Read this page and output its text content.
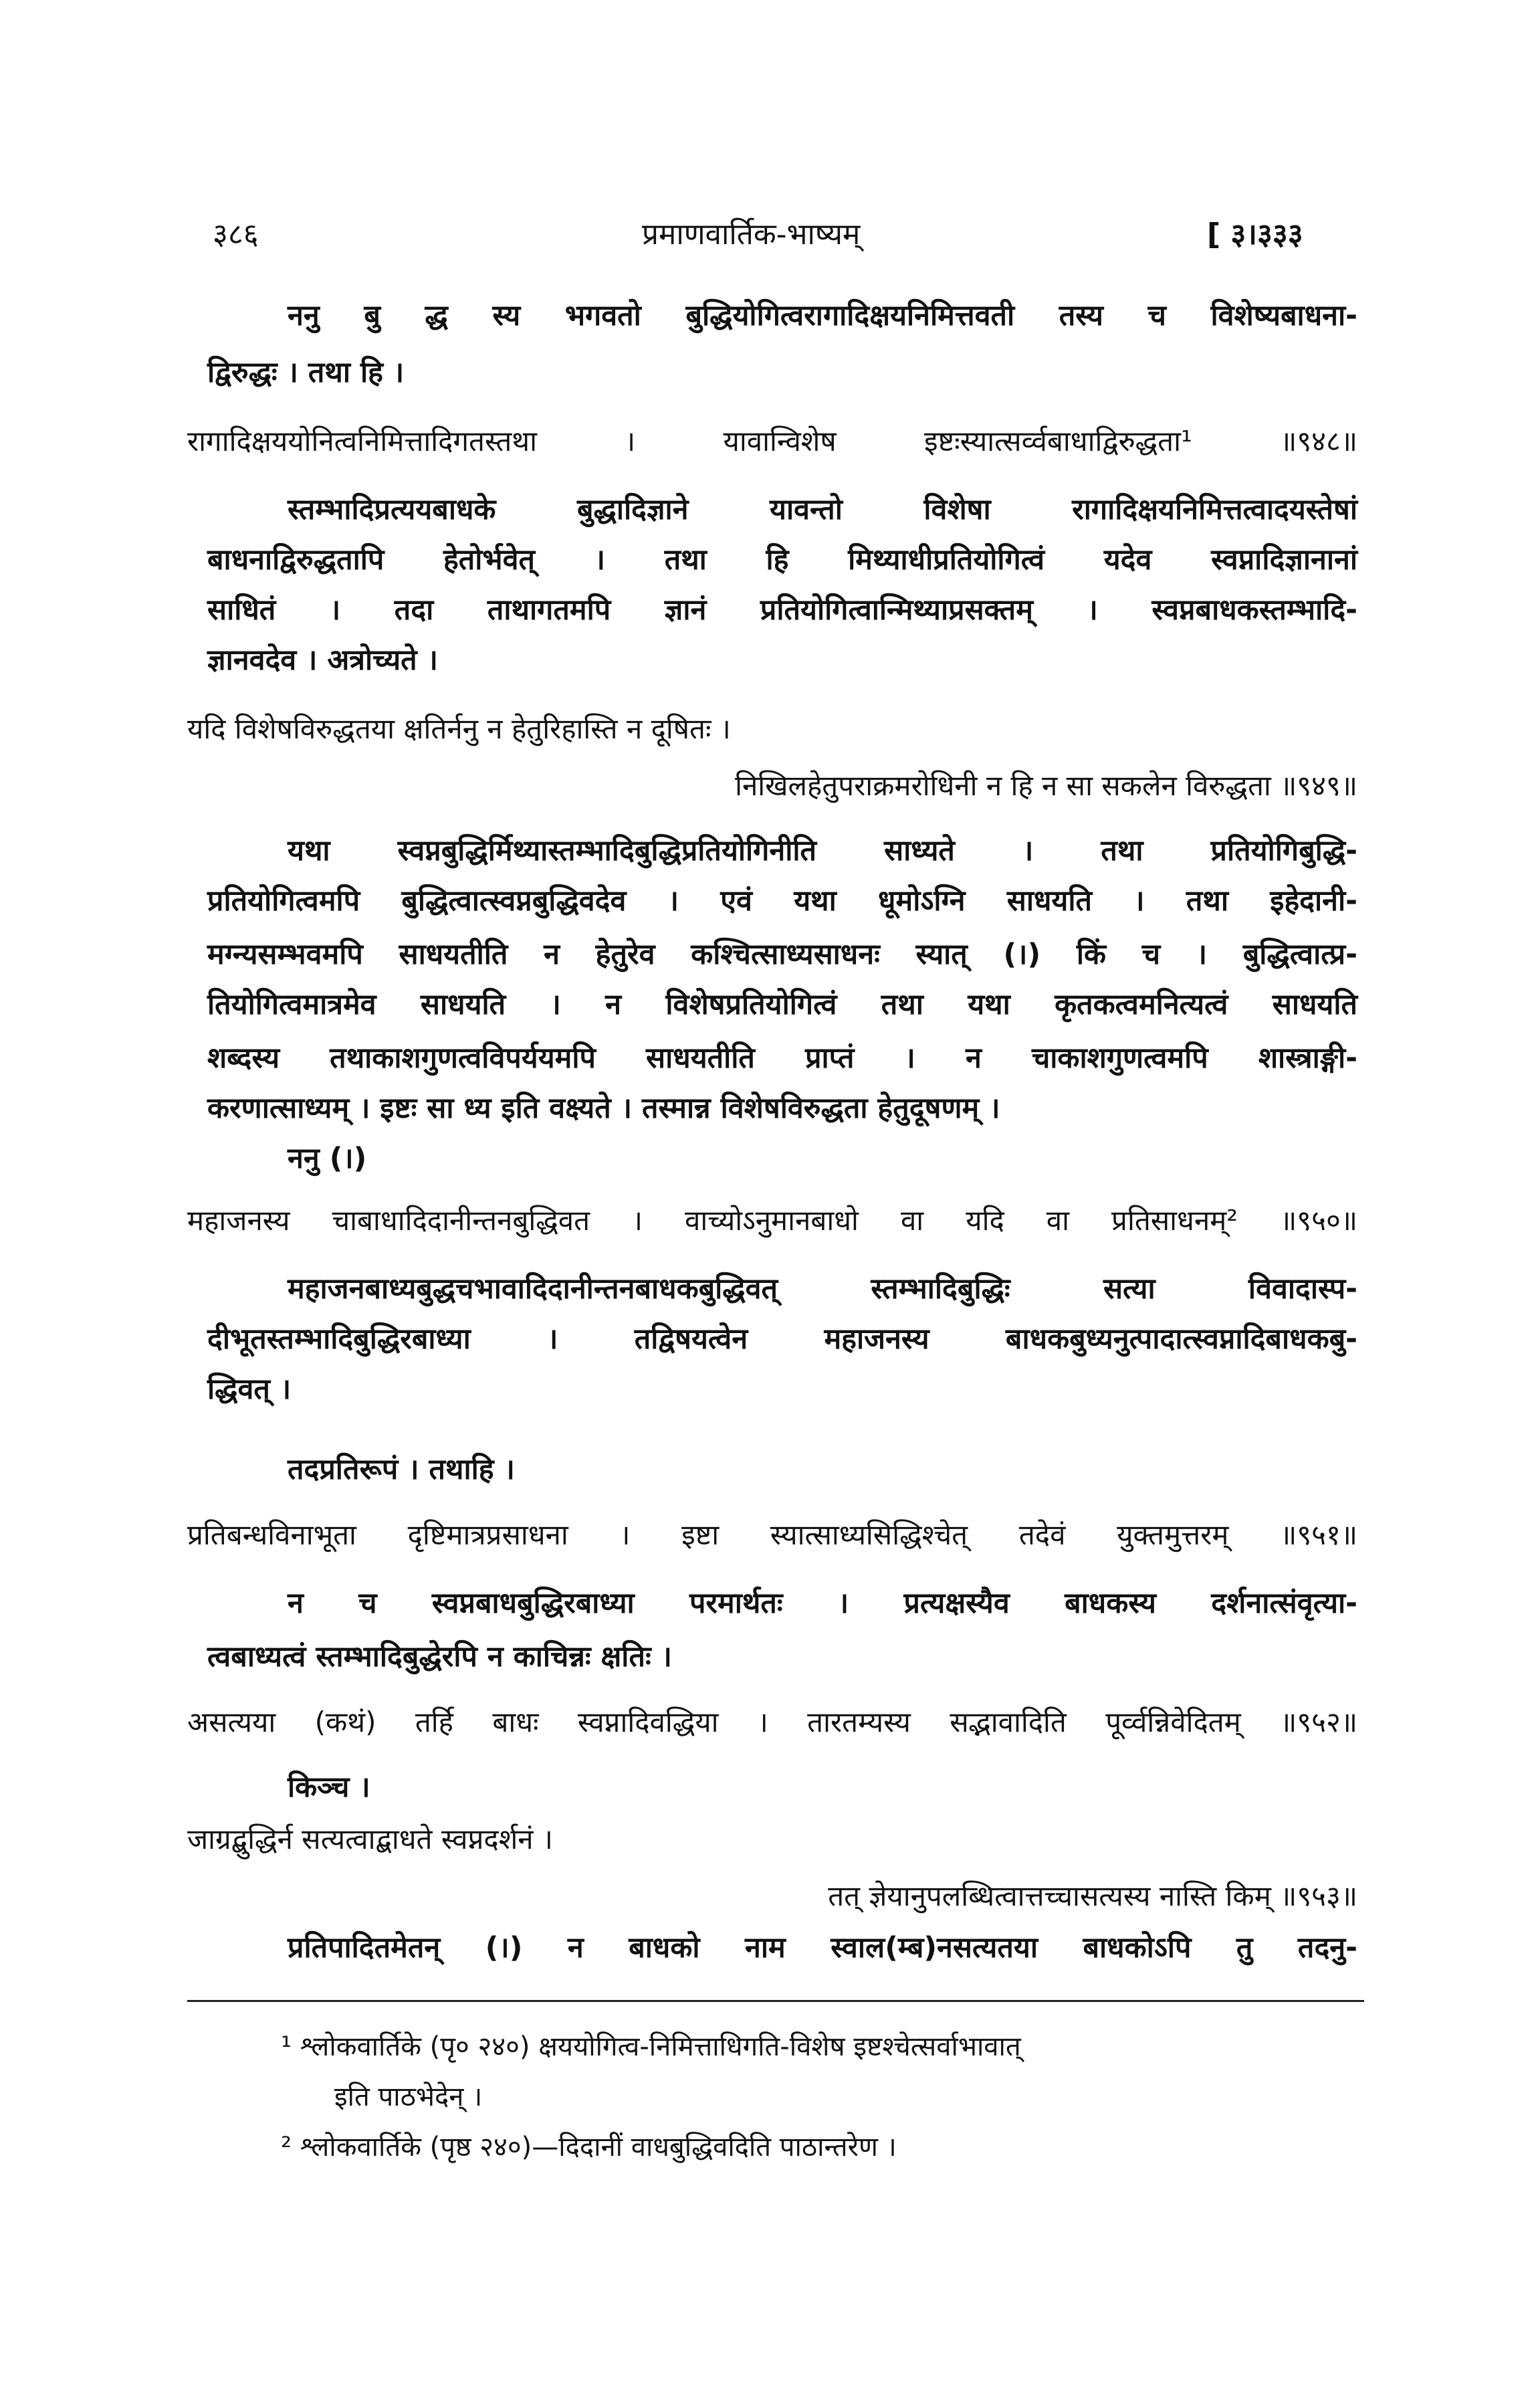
३८६	प्रमाणवार्तिक-भाष्यम्	[ ३।३३३
ननु बु द्ध स्य भगवतो बुद्धियोगित्वरागादिक्षयनिमित्तवती तस्य च विशेष्यबाधना-
द्विरुद्धः । तथा हि ।
रागादिक्षययोनित्वनिमित्तादिगतस्तथा । यावान्विशेष इष्टःस्यात्सर्व्वबाधाद्विरुद्धता¹ ॥९४८॥
स्तम्भादिप्रत्ययबाधके बुद्धादिज्ञाने यावन्तो विशेषा रागादिक्षयनिमित्तत्वादयस्तेषां
बाधनाद्विरुद्धतापि हेतोर्भवेत् । तथा हि मिथ्याधीप्रतियोगित्वं यदेव स्वप्नादिज्ञानानां
साधितं । तदा ताथागतमपि ज्ञानं प्रतियोगित्वान्मिथ्याप्रसक्तम् । स्वप्नबाधकस्तम्भादि-
ज्ञानवदेव । अत्रोच्यते ।
यदि विशेषविरुद्धतया क्षतिर्ननु न हेतुरिहास्ति न दूषितः ।
निखिलहेतुपराक्रमरोधिनी न हि न सा सकलेन विरुद्धता ॥९४९॥
यथा स्वप्नबुद्धिर्मिथ्यास्तम्भादिबुद्धिप्रतियोगिनीति साध्यते । तथा प्रतियोगिबुद्धि-
प्रतियोगित्वमपि बुद्धित्वात्स्वप्नबुद्धिवदेव । एवं यथा धूमोऽग्नि साधयति । तथा इहेदानी-
मग्न्यसम्भवमपि साधयतीति न हेतुरेव कश्चित्साध्यसाधनः स्यात् (।) किं च । बुद्धित्वात्प्र-
तियोगित्वमात्रमेव साधयति । न विशेषप्रतियोगित्वं तथा यथा कृतकत्वमनित्यत्वं साधयति
शब्दस्य तथाकाशगुणत्वविपर्ययमपि साधयतीति प्राप्तं । न चाकाशगुणत्वमपि शास्त्राङ्गी-
करणात्साध्यम् । इष्टः सा ध्य इति वक्ष्यते । तस्मान्न विशेषविरुद्धता हेतुदूषणम् ।
ननु (।)
महाजनस्य चाबाधादिदानीन्तनबुद्धिवत । वाच्योऽनुमानबाधो वा यदि वा प्रतिसाधनम्² ॥९५०॥
महाजनबाध्यबुद्धचभावादिदानीन्तनबाधकबुद्धिवत् स्तम्भादिबुद्धिः सत्या विवादास्प-
दीभूतस्तम्भादिबुद्धिरबाध्या । तद्विषयत्वेन महाजनस्य बाधकबुध्यनुत्पादात्स्वप्नादिबाधकबु-
द्धिवत् ।
तदप्रतिरूपं । तथाहि ।
प्रतिबन्धविनाभूता दृष्टिमात्रप्रसाधना । इष्टा स्यात्साध्यसिद्धिश्चेत् तदेवं युक्तमुत्तरम् ॥९५१॥
न च स्वप्नबाधबुद्धिरबाध्या परमार्थतः । प्रत्यक्षस्यैव बाधकस्य दर्शनात्संवृत्या-
त्वबाध्यत्वं स्तम्भादिबुद्धेरपि न काचिन्नः क्षतिः ।
असत्यया (कथं) तर्हि बाधः स्वप्नादिवद्धिया । तारतम्यस्य सद्भावादिति पूर्व्वन्निवेदितम् ॥९५२॥
किञ्च ।
जाग्रद्बुद्धिर्न सत्यत्वाद्बाधते स्वप्नदर्शनं ।
तत् ज्ञेयानुपलब्धित्वात्तच्चासत्यस्य नास्ति किम् ॥९५३॥
प्रतिपादितमेतन् (।) न बाधको नाम स्वाल(म्ब)नसत्यतया बाधकोऽपि तु तदनु-
¹ श्लोकवार्तिके (पृ० २४०) क्षययोगित्व-निमित्ताधिगति-विशेष इष्टश्चेत्सर्वाभावात्
इति पाठभेदेन् ।
² श्लोकवार्तिके (पृष्ठ २४०)—दिदानीं वाधबुद्धिवदिति पाठान्तरेण ।
